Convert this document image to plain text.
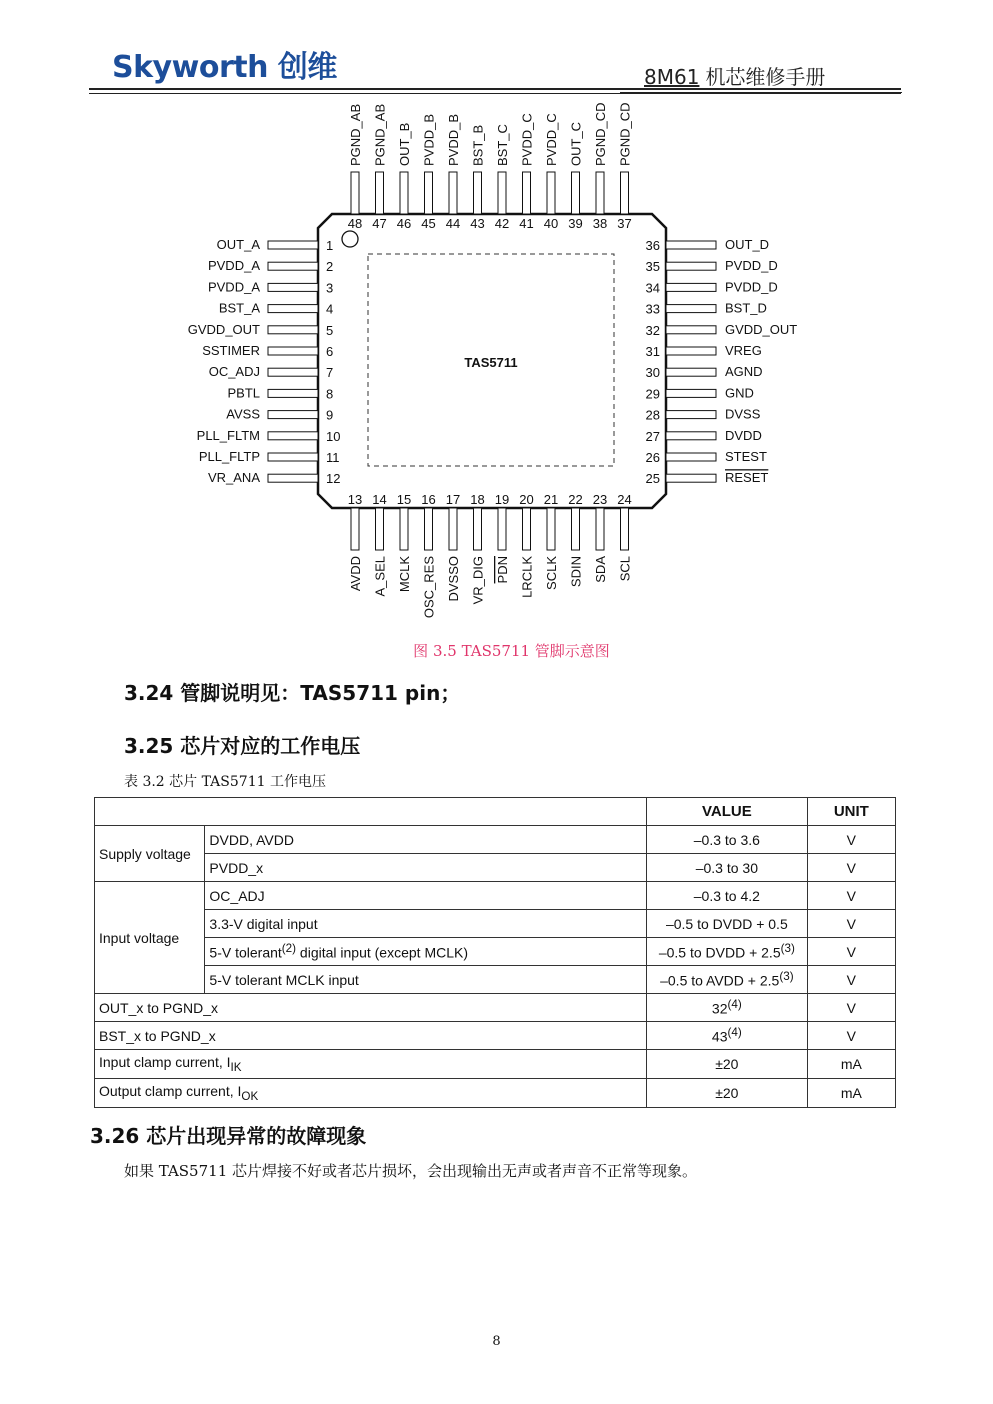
Skyworth 创维	8M61 机芯维修手册
TAS5711
48
PGND_AB
47
PGND_AB
46
OUT_B
45
PVDD_B
44
PVDD_B
43
BST_B
42
BST_C
41
PVDD_C
40
PVDD_C
39
OUT_C
38
PGND_CD
37
PGND_CD
13
AVDD
14
A_SEL
15
MCLK
16
OSC_RES
17
DVSSO
18
VR_DIG
19
PDN
20
LRCLK
21
SCLK
22
SDIN
23
SDA
24
SCL
1
OUT_A
2
PVDD_A
3
PVDD_A
4
BST_A
5
GVDD_OUT
6
SSTIMER
7
OC_ADJ
8
PBTL
9
AVSS
10
PLL_FLTM
11
PLL_FLTP
12
VR_ANA
36	OUT_D
35	PVDD_D
34	PVDD_D
33	BST_D
32	GVDD_OUT
31	VREG
30	AGND
29	GND
28	DVSS
27	DVDD
26	STEST
25	RESET
图 3.5 TAS5711 管脚示意图
3.24 管脚说明见：TAS5711 pin；
3.25 芯片对应的工作电压
表 3.2 芯片 TAS5711 工作电压
		VALUE	UNIT
Supply voltage	DVDD, AVDD	–0.3 to 3.6	V
	PVDD_x	–0.3 to 30	V
Input voltage	OC_ADJ	–0.3 to 4.2	V
	3.3-V digital input	–0.5 to DVDD + 0.5	V
	5-V tolerant$^{(2)}$ digital input (except MCLK)	–0.5 to DVDD + $2.5^{(3)}$	V
	5-V tolerant MCLK input	–0.5 to AVDD + $2.5^{(3)}$	V
OUT_x to PGND_x		32$^{(4)}$	V
BST_x to PGND_x		43$^{(4)}$	V
Input clamp current, $I_{IK}$		±20	mA
Output clamp current, $I_{OK}$		±20	mA
3.26 芯片出现异常的故障现象
如果 TAS5711 芯片焊接不好或者芯片损坏，会出现输出无声或者声音不正常等现象。
8
